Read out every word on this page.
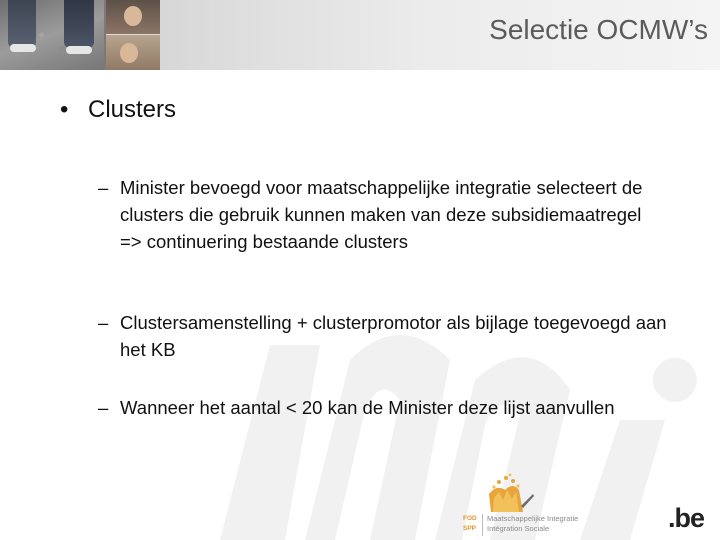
Selectie OCMW’s
• Clusters
– Minister bevoegd voor maatschappelijke integratie selecteert de clusters die gebruik kunnen maken van deze subsidiemaatregel => continuering bestaande clusters
– Clustersamenstelling + clusterpromotor als bijlage toegevoegd aan het KB
– Wanneer het aantal < 20 kan de Minister deze lijst aanvullen
FOD
SPP
Maatschappelijke Integratie
Intégration Sociale	.be
